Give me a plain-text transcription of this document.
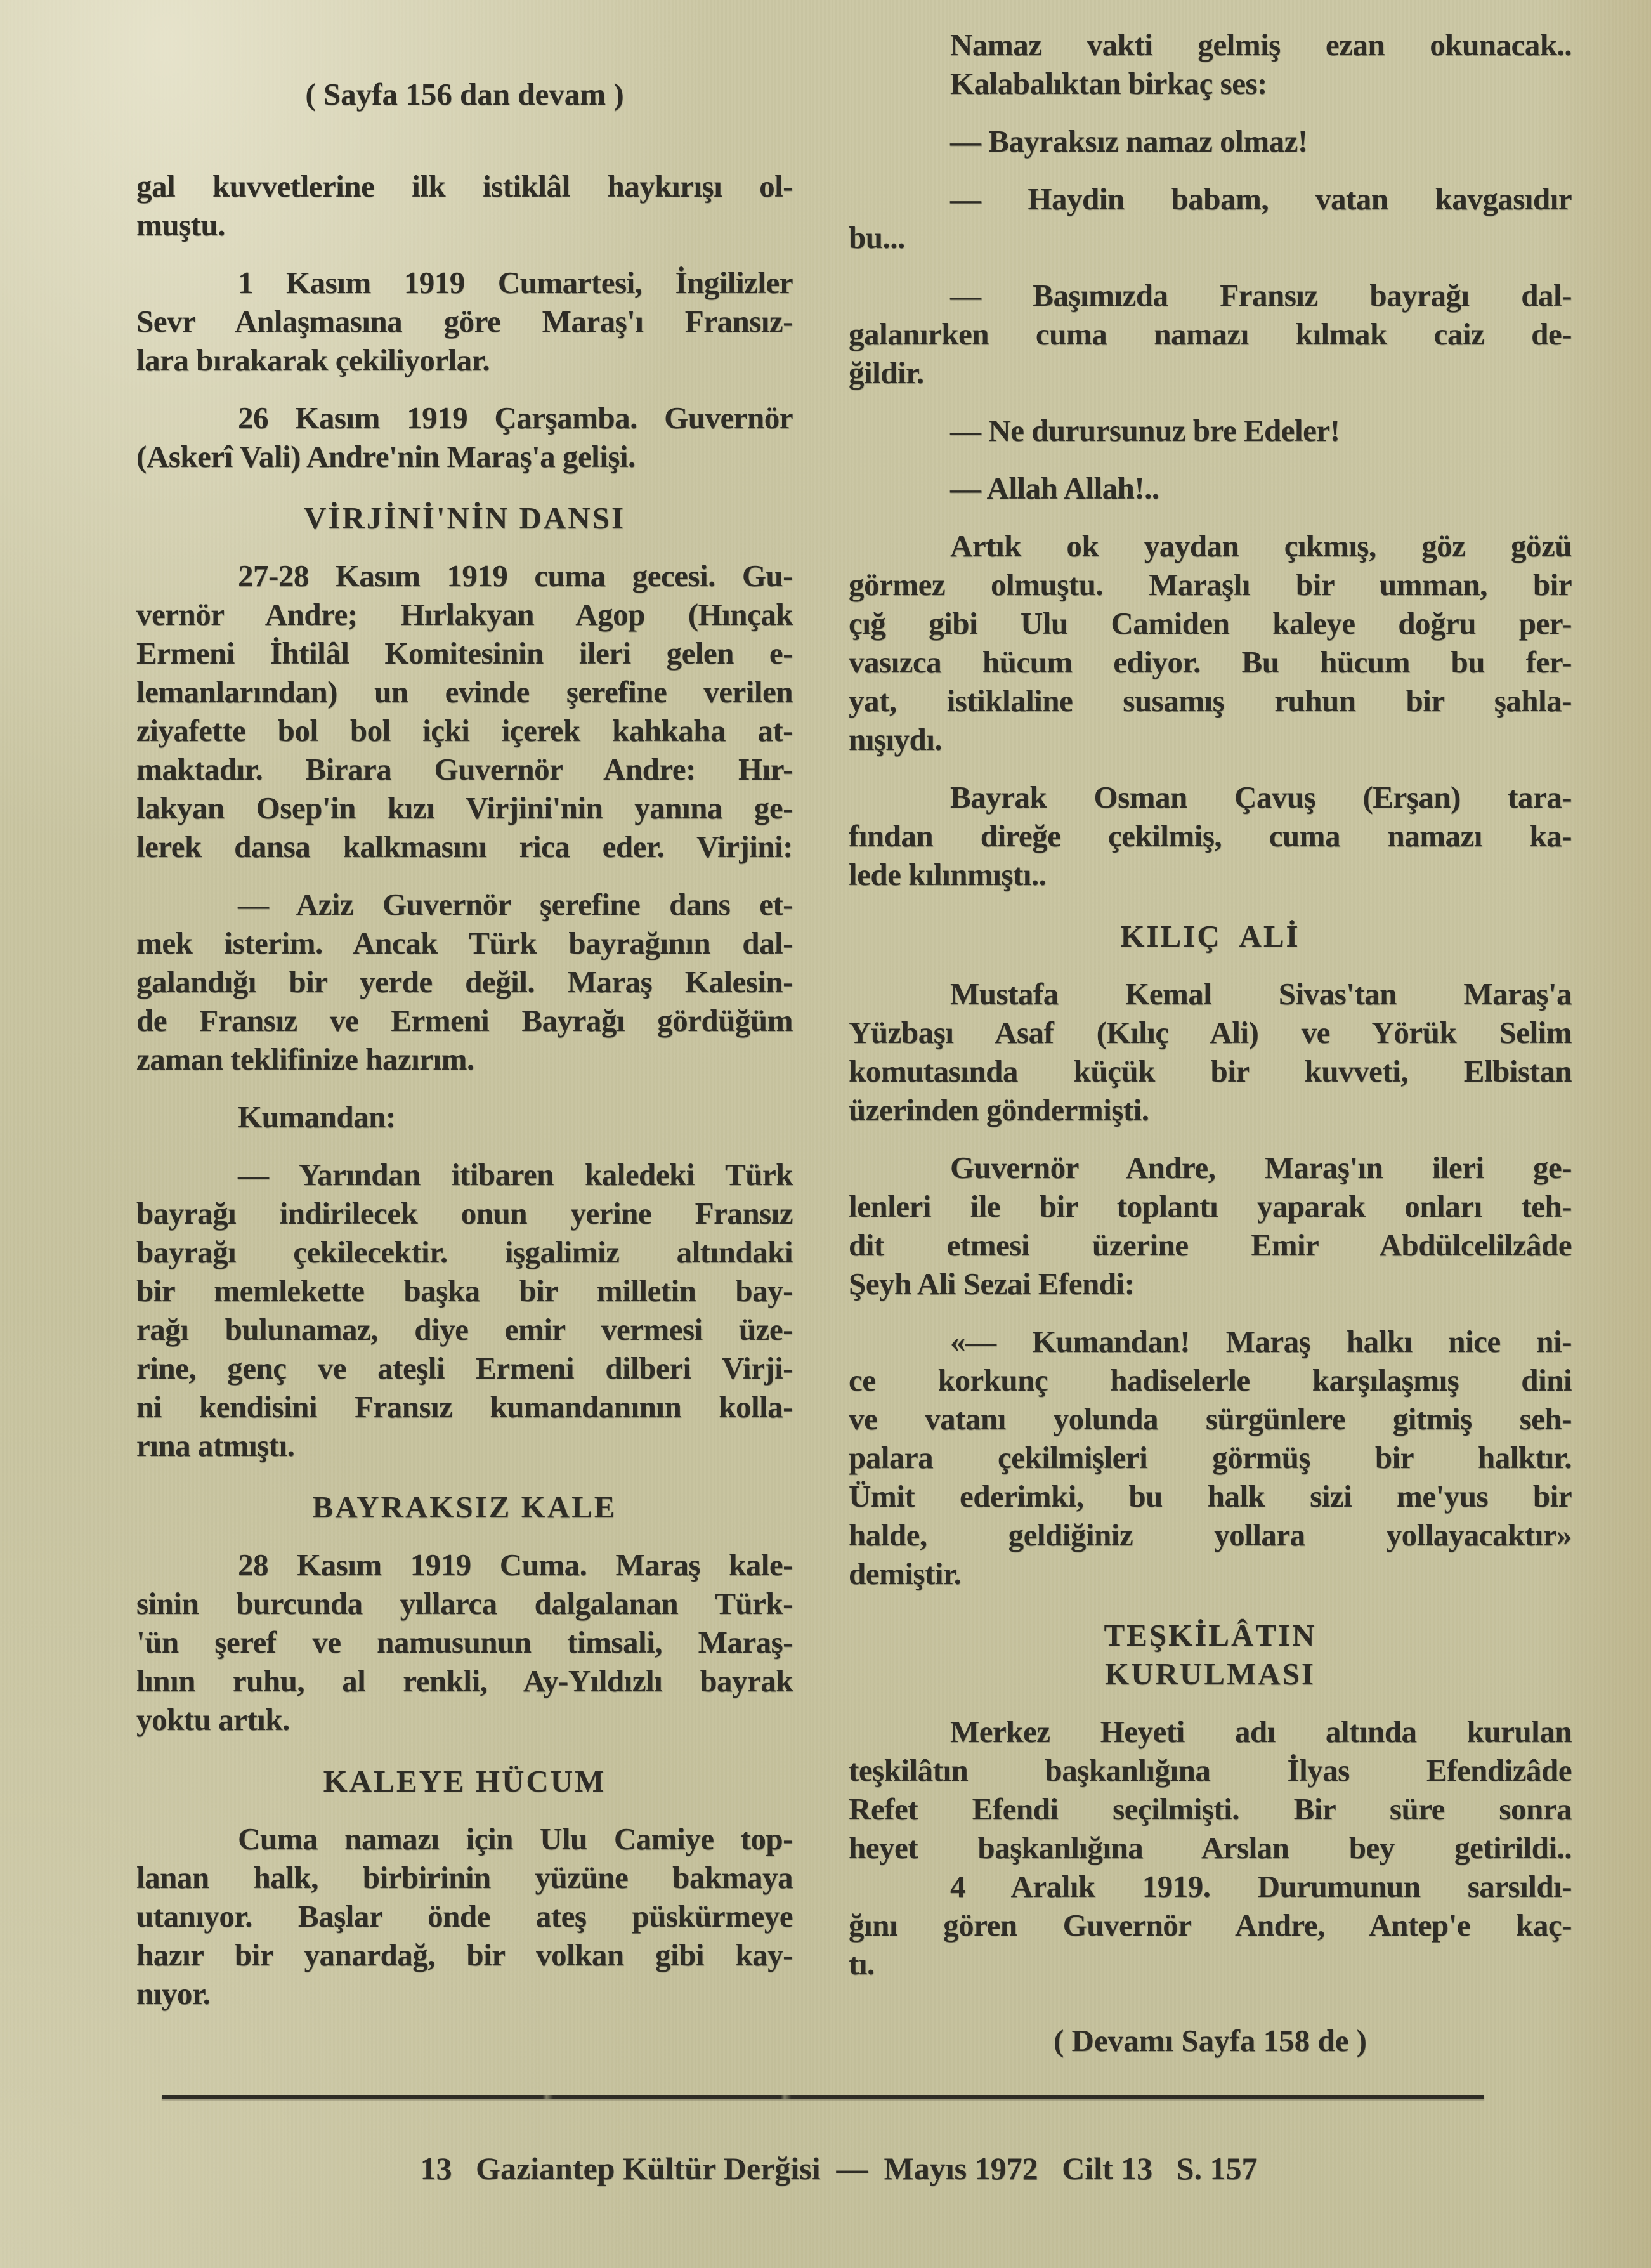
( Sayfa 156 dan devam )
gal kuvvetlerine ilk istiklâl haykırışı ol-
muştu.
1 Kasım 1919 Cumartesi, İngilizler
Sevr Anlaşmasına göre Maraş'ı Fransız-
lara bırakarak çekiliyorlar.
26 Kasım 1919 Çarşamba. Guvernör
(Askerî Vali) Andre'nin Maraş'a gelişi.
VİRJİNİ'NİN DANSI
27-28 Kasım 1919 cuma gecesi. Gu-
vernör Andre; Hırlakyan Agop (Hınçak
Ermeni İhtilâl Komitesinin ileri gelen e-
lemanlarından) un evinde şerefine verilen
ziyafette bol bol içki içerek kahkaha at-
maktadır. Birara Guvernör Andre: Hır-
lakyan Osep'in kızı Virjini'nin yanına ge-
lerek dansa kalkmasını rica eder. Virjini:
— Aziz Guvernör şerefine dans et-
mek isterim. Ancak Türk bayrağının dal-
galandığı bir yerde değil. Maraş Kalesin-
de Fransız ve Ermeni Bayrağı gördüğüm
zaman teklifinize hazırım.
Kumandan:
— Yarından itibaren kaledeki Türk
bayrağı indirilecek onun yerine Fransız
bayrağı çekilecektir. işgalimiz altındaki
bir memlekette başka bir milletin bay-
rağı bulunamaz, diye emir vermesi üze-
rine, genç ve ateşli Ermeni dilberi Virji-
ni kendisini Fransız kumandanının kolla-
rına atmıştı.
BAYRAKSIZ KALE
28 Kasım 1919 Cuma. Maraş kale-
sinin burcunda yıllarca dalgalanan Türk-
'ün şeref ve namusunun timsali, Maraş-
lının ruhu, al renkli, Ay-Yıldızlı bayrak
yoktu artık.
KALEYE HÜCUM
Cuma namazı için Ulu Camiye top-
lanan halk, birbirinin yüzüne bakmaya
utanıyor. Başlar önde ateş püskürmeye
hazır bir yanardağ, bir volkan gibi kay-
nıyor.
Namaz vakti gelmiş ezan okunacak..
Kalabalıktan birkaç ses:
— Bayraksız namaz olmaz!
— Haydin babam, vatan kavgasıdır
bu...
— Başımızda Fransız bayrağı dal-
galanırken cuma namazı kılmak caiz de-
ğildir.
— Ne durursunuz bre Edeler!
— Allah Allah!..
Artık ok yaydan çıkmış, göz gözü
görmez olmuştu. Maraşlı bir umman, bir
çığ gibi Ulu Camiden kaleye doğru per-
vasızca hücum ediyor. Bu hücum bu fer-
yat, istiklaline susamış ruhun bir şahla-
nışıydı.
Bayrak Osman Çavuş (Erşan) tara-
fından direğe çekilmiş, cuma namazı ka-
lede kılınmıştı..
KILIÇ  ALİ
Mustafa Kemal Sivas'tan Maraş'a
Yüzbaşı Asaf (Kılıç Ali) ve Yörük Selim
komutasında küçük bir kuvveti, Elbistan
üzerinden göndermişti.
Guvernör Andre, Maraş'ın ileri ge-
lenleri ile bir toplantı yaparak onları teh-
dit etmesi üzerine Emir Abdülcelilzâde
Şeyh Ali Sezai Efendi:
«— Kumandan! Maraş halkı nice ni-
ce korkunç hadiselerle karşılaşmış dini
ve vatanı yolunda sürgünlere gitmiş seh-
palara çekilmişleri görmüş bir halktır.
Ümit ederimki, bu halk sizi me'yus bir
halde, geldiğiniz yollara yollayacaktır»
demiştir.
TEŞKİLÂTIN
KURULMASI
Merkez Heyeti adı altında kurulan
teşkilâtın başkanlığına İlyas Efendizâde
Refet Efendi seçilmişti. Bir süre sonra
heyet başkanlığına Arslan bey getirildi..
4 Aralık 1919. Durumunun sarsıldı-
ğını gören Guvernör Andre, Antep'e kaç-
tı.
( Devamı Sayfa 158 de )

13   Gaziantep Kültür Derğisi  —  Mayıs 1972   Cilt 13   S. 157
